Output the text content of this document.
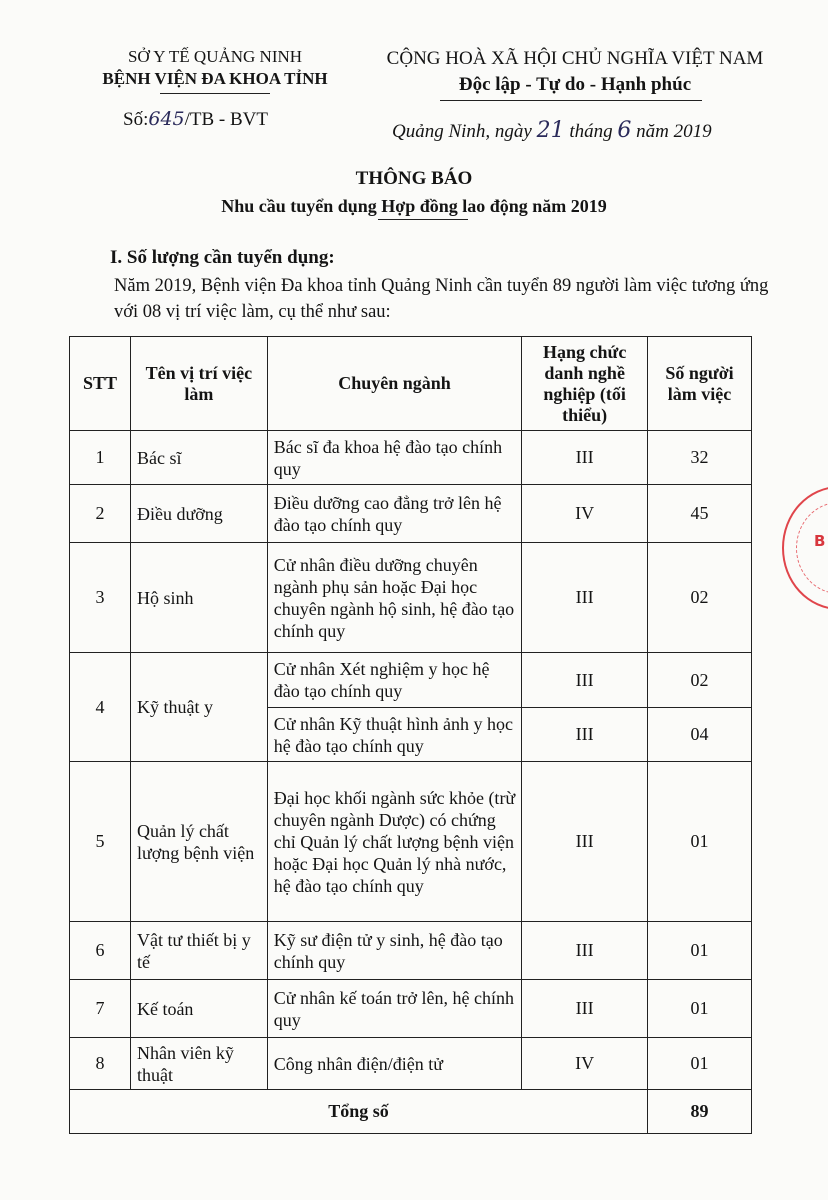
SỞ Y TẾ QUẢNG NINH
BỆNH VIỆN ĐA KHOA TỈNH
Số:645/TB - BVT
CỘNG HOÀ XÃ HỘI CHỦ NGHĨA VIỆT NAM
Độc lập - Tự do - Hạnh phúc
Quảng Ninh, ngày 21 tháng 6 năm 2019
THÔNG BÁO
Nhu cầu tuyển dụng Hợp đồng lao động năm 2019
I. Số lượng cần tuyển dụng:
Năm 2019, Bệnh viện Đa khoa tỉnh Quảng Ninh cần tuyển 89 người làm việc tương ứng với 08 vị trí việc làm, cụ thể như sau:
STT	Tên vị trí việc làm	Chuyên ngành	Hạng chức danh nghề nghiệp (tối thiểu)	Số người làm việc
1	Bác sĩ	Bác sĩ đa khoa hệ đào tạo chính quy	III	32
2	Điều dưỡng	Điều dưỡng cao đẳng trở lên hệ đào tạo chính quy	IV	45
3	Hộ sinh	Cử nhân điều dưỡng chuyên ngành phụ sản hoặc Đại học chuyên ngành hộ sinh, hệ đào tạo chính quy	III	02
4	Kỹ thuật y	Cử nhân Xét nghiệm y học hệ đào tạo chính quy	III	02
		Cử nhân Kỹ thuật hình ảnh y học hệ đào tạo chính quy	III	04
5	Quản lý chất lượng bệnh viện	Đại học khối ngành sức khỏe (trừ chuyên ngành Dược) có chứng chỉ Quản lý chất lượng bệnh viện hoặc Đại học Quản lý nhà nước, hệ đào tạo chính quy	III	01
6	Vật tư thiết bị y tế	Kỹ sư điện tử y sinh, hệ đào tạo chính quy	III	01
7	Kế toán	Cử nhân kế toán trở lên, hệ chính quy	III	01
8	Nhân viên kỹ thuật	Công nhân điện/điện tử	IV	01
Tổng số				89
B
